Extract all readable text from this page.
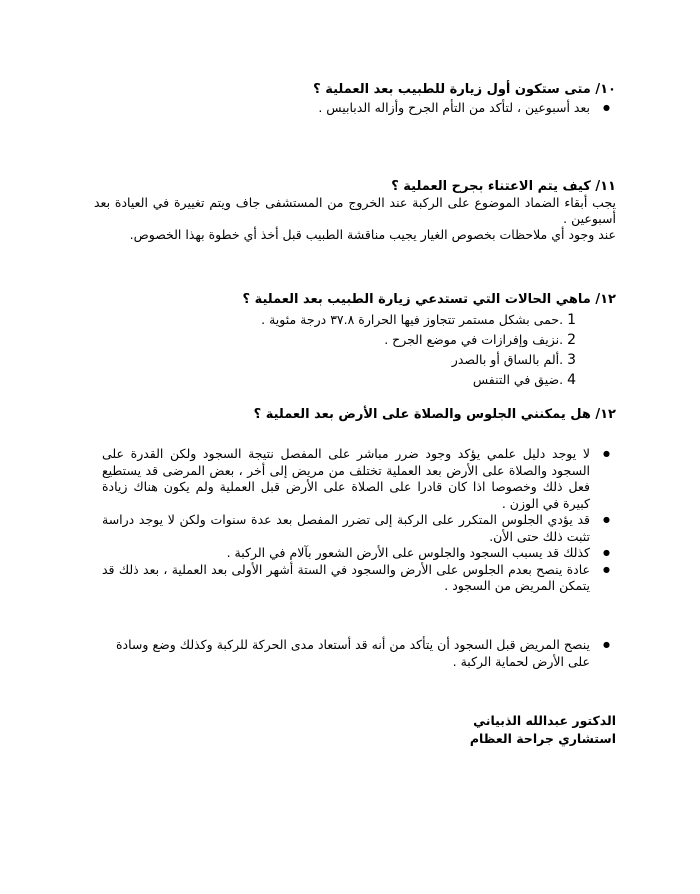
١٠/ متى ستكون أول زيارة للطبيب بعد العملية ؟

● بعد أسبوعين ، لتأكد من التأم الجرح وأزاله الدبابيس .

١١/ كيف يتم الاعتناء بجرح العملية ؟

يجب أبقاء الضماد الموضوع على الركبة عند الخروج من المستشفى جاف ويتم تغييرة في العيادة بعد أسبوعين .

عند وجود أي ملاحظات بخصوص الغيار يجيب مناقشة الطبيب قبل أخذ أي خطوة بهذا الخصوص.

١٢/ ماهي الحالات التي تستدعي زيارة الطبيب بعد العملية ؟

1.حمى بشكل مستمر تتجاوز فيها الحرارة ٣٧.٨ درجة مئوية .
2.نزيف وإفرازات في موضع الجرح .
3.ألم بالساق أو بالصدر
4.ضيق في التنفس

١٢/ هل يمكنني الجلوس والصلاة على الأرض بعد العملية ؟

● لا يوجد دليل علمي يؤكد وجود ضرر مباشر على المفصل نتيجة السجود ولكن القدرة على السجود والصلاة على الأرض بعد العملية تختلف من مريض إلى أخر ، بعض المرضى قد يستطيع فعل ذلك وخصوصا اذا كان قادرا على الصلاة على الأرض قبل العملية ولم يكون هناك زيادة كبيرة في الوزن .
● قد يؤدي الجلوس المتكرر على الركبة إلى تضرر المفصل بعد عدة سنوات ولكن لا يوجد دراسة تثبت ذلك حتى الأن.
● كذلك قد يسبب السجود والجلوس على الأرض الشعور بآلام في الركبة .
● عادة ينصح بعدم الجلوس على الأرض والسجود في الستة أشهر الأولى بعد العملية ، بعد ذلك قد يتمكن المريض من السجود .
● ينصح المريض قبل السجود أن يتأكد من أنه قد أستعاد مدى الحركة للركبة وكذلك وضع وسادة على الأرض لحماية الركبة .

الدكتور عبدالله الذبياني

استشاري جراحة العظام
